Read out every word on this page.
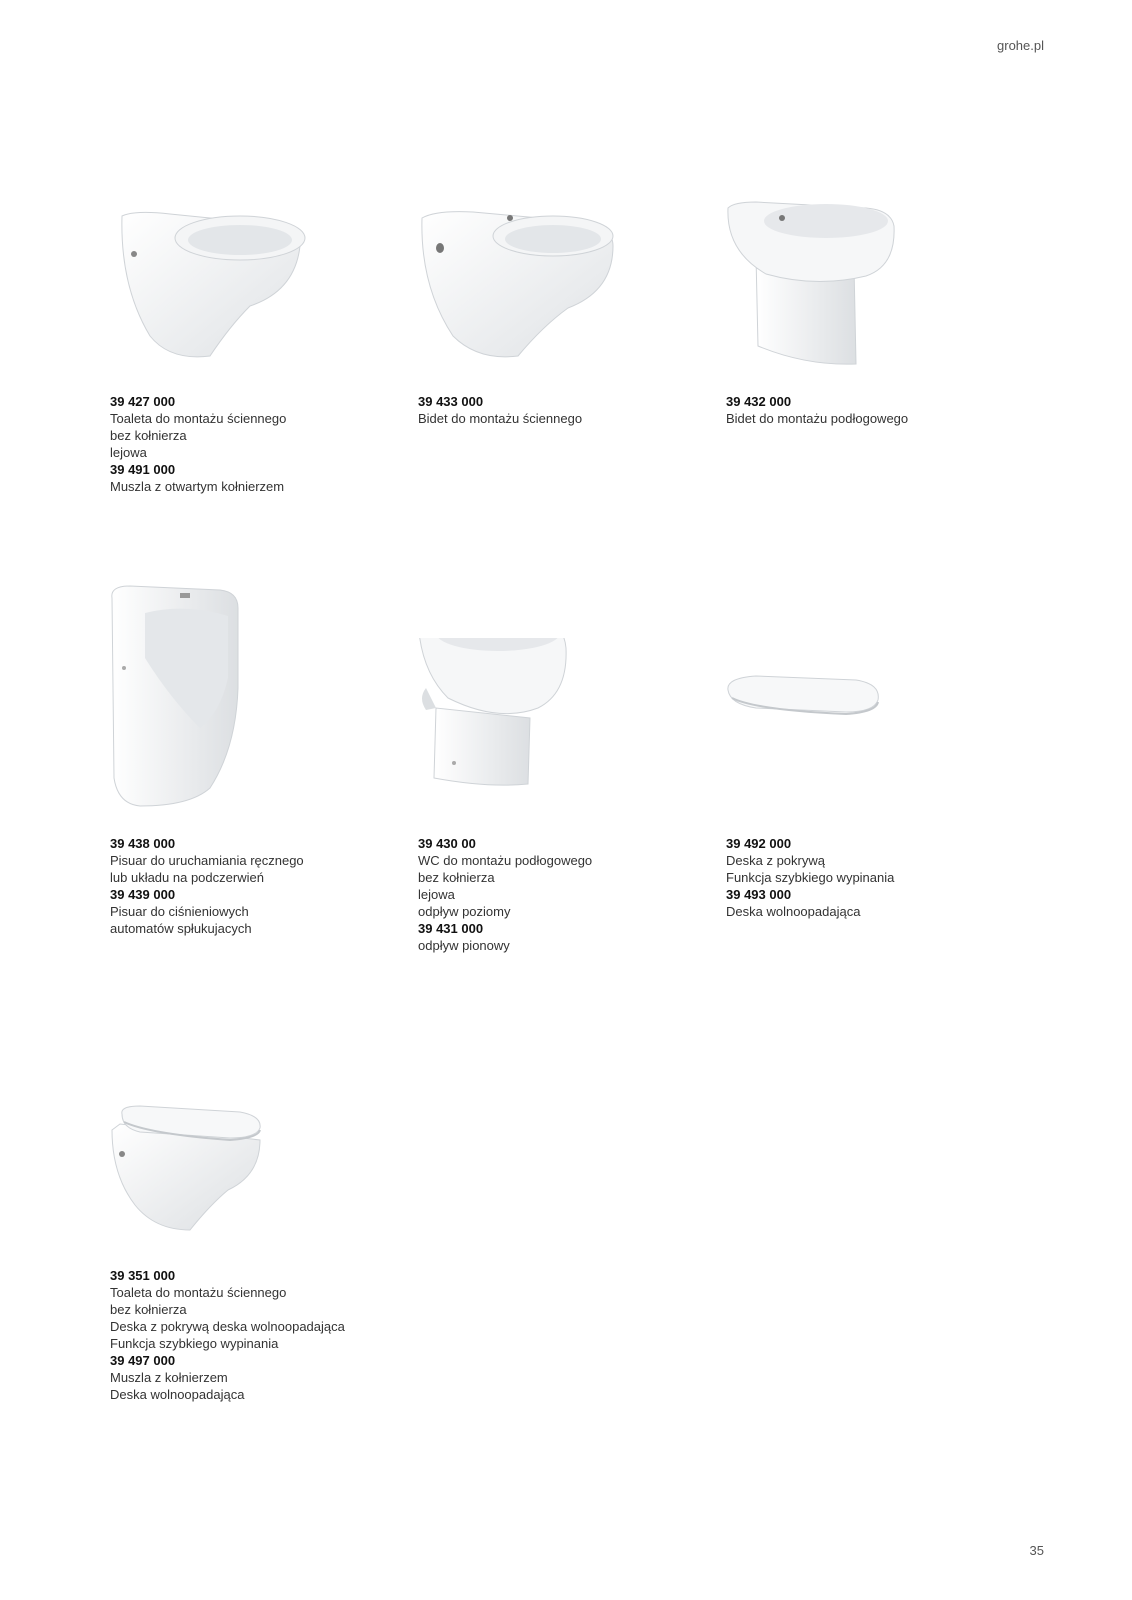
grohe.pl
39 427 000
Toaleta do montażu ściennego
bez kołnierza
lejowa
39 491 000
Muszla z otwartym kołnierzem
39 433 000
Bidet do montażu ściennego
39 432 000
Bidet do montażu podłogowego
39 438 000
Pisuar do uruchamiania ręcznego
lub układu na podczerwień
39 439 000
Pisuar do ciśnieniowych
automatów spłukujacych
39 430 00
WC do montażu podłogowego
bez kołnierza
lejowa
odpływ poziomy
39 431 000
odpływ pionowy
39 492 000
Deska z pokrywą
Funkcja szybkiego wypinania
39 493 000
Deska wolnoopadająca
39 351 000
Toaleta do montażu ściennego
bez kołnierza
Deska z pokrywą deska wolnoopadająca
Funkcja szybkiego wypinania
39 497 000
Muszla z kołnierzem
Deska wolnoopadająca
35
